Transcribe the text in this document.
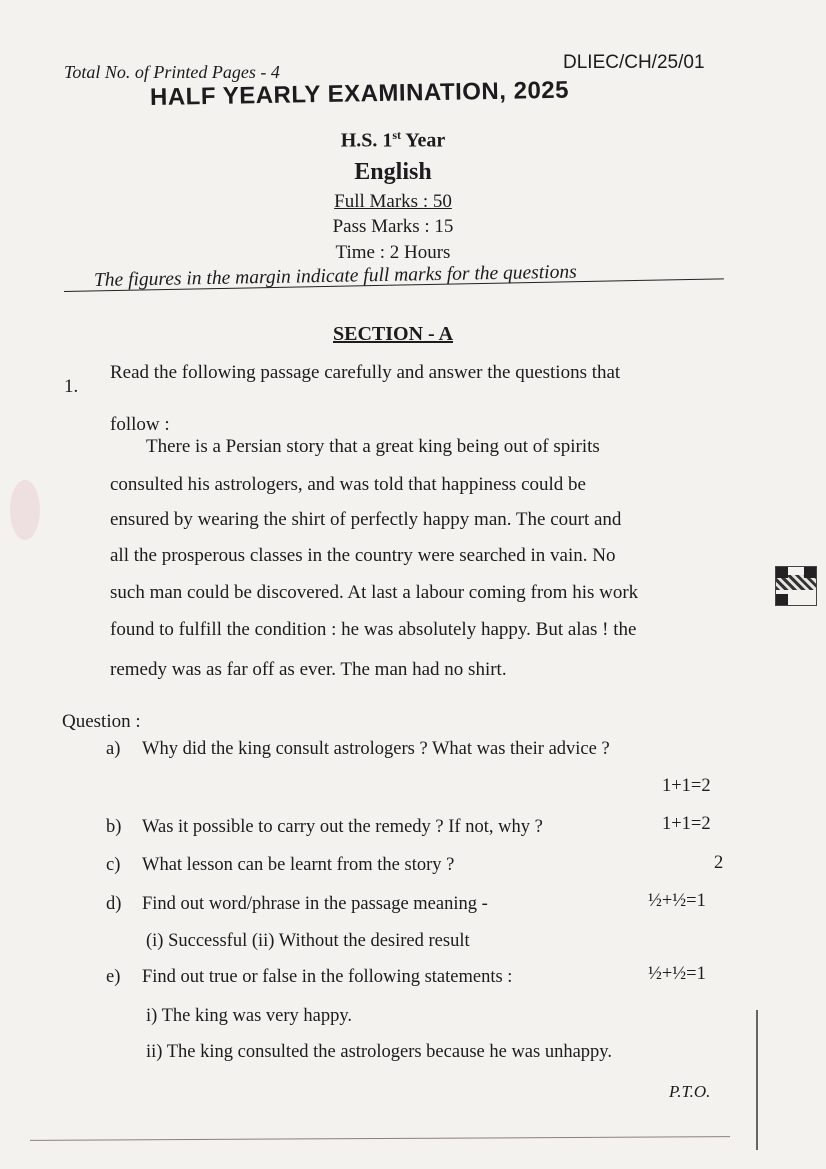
Total No. of Printed Pages - 4	DLIEC/CH/25/01
HALF YEARLY EXAMINATION, 2025
H.S. 1st Year
English
Full Marks : 50
Pass Marks : 15
Time : 2 Hours
The figures in the margin indicate full marks for the questions
SECTION - A
1.
Read the following passage carefully and answer the questions that
follow :
There is a Persian story that a great king being out of spirits
consulted his astrologers, and was told that happiness could be
ensured by wearing the shirt of perfectly happy man. The court and
all the prosperous classes in the country were searched in vain. No
such man could be discovered. At last a labour coming from his work
found to fulfill the condition : he was absolutely happy. But alas ! the
remedy was as far off as ever. The man had no shirt.
Question :
a) Why did the king consult astrologers ? What was their advice ?
1+1=2
b) Was it possible to carry out the remedy ? If not, why ?	1+1=2
c) What lesson can be learnt from the story ?	2
d) Find out word/phrase in the passage meaning -	½+½=1
(i) Successful (ii) Without the desired result
e) Find out true or false in the following statements :	½+½=1
i) The king was very happy.
ii) The king consulted the astrologers because he was unhappy.
P.T.O.
